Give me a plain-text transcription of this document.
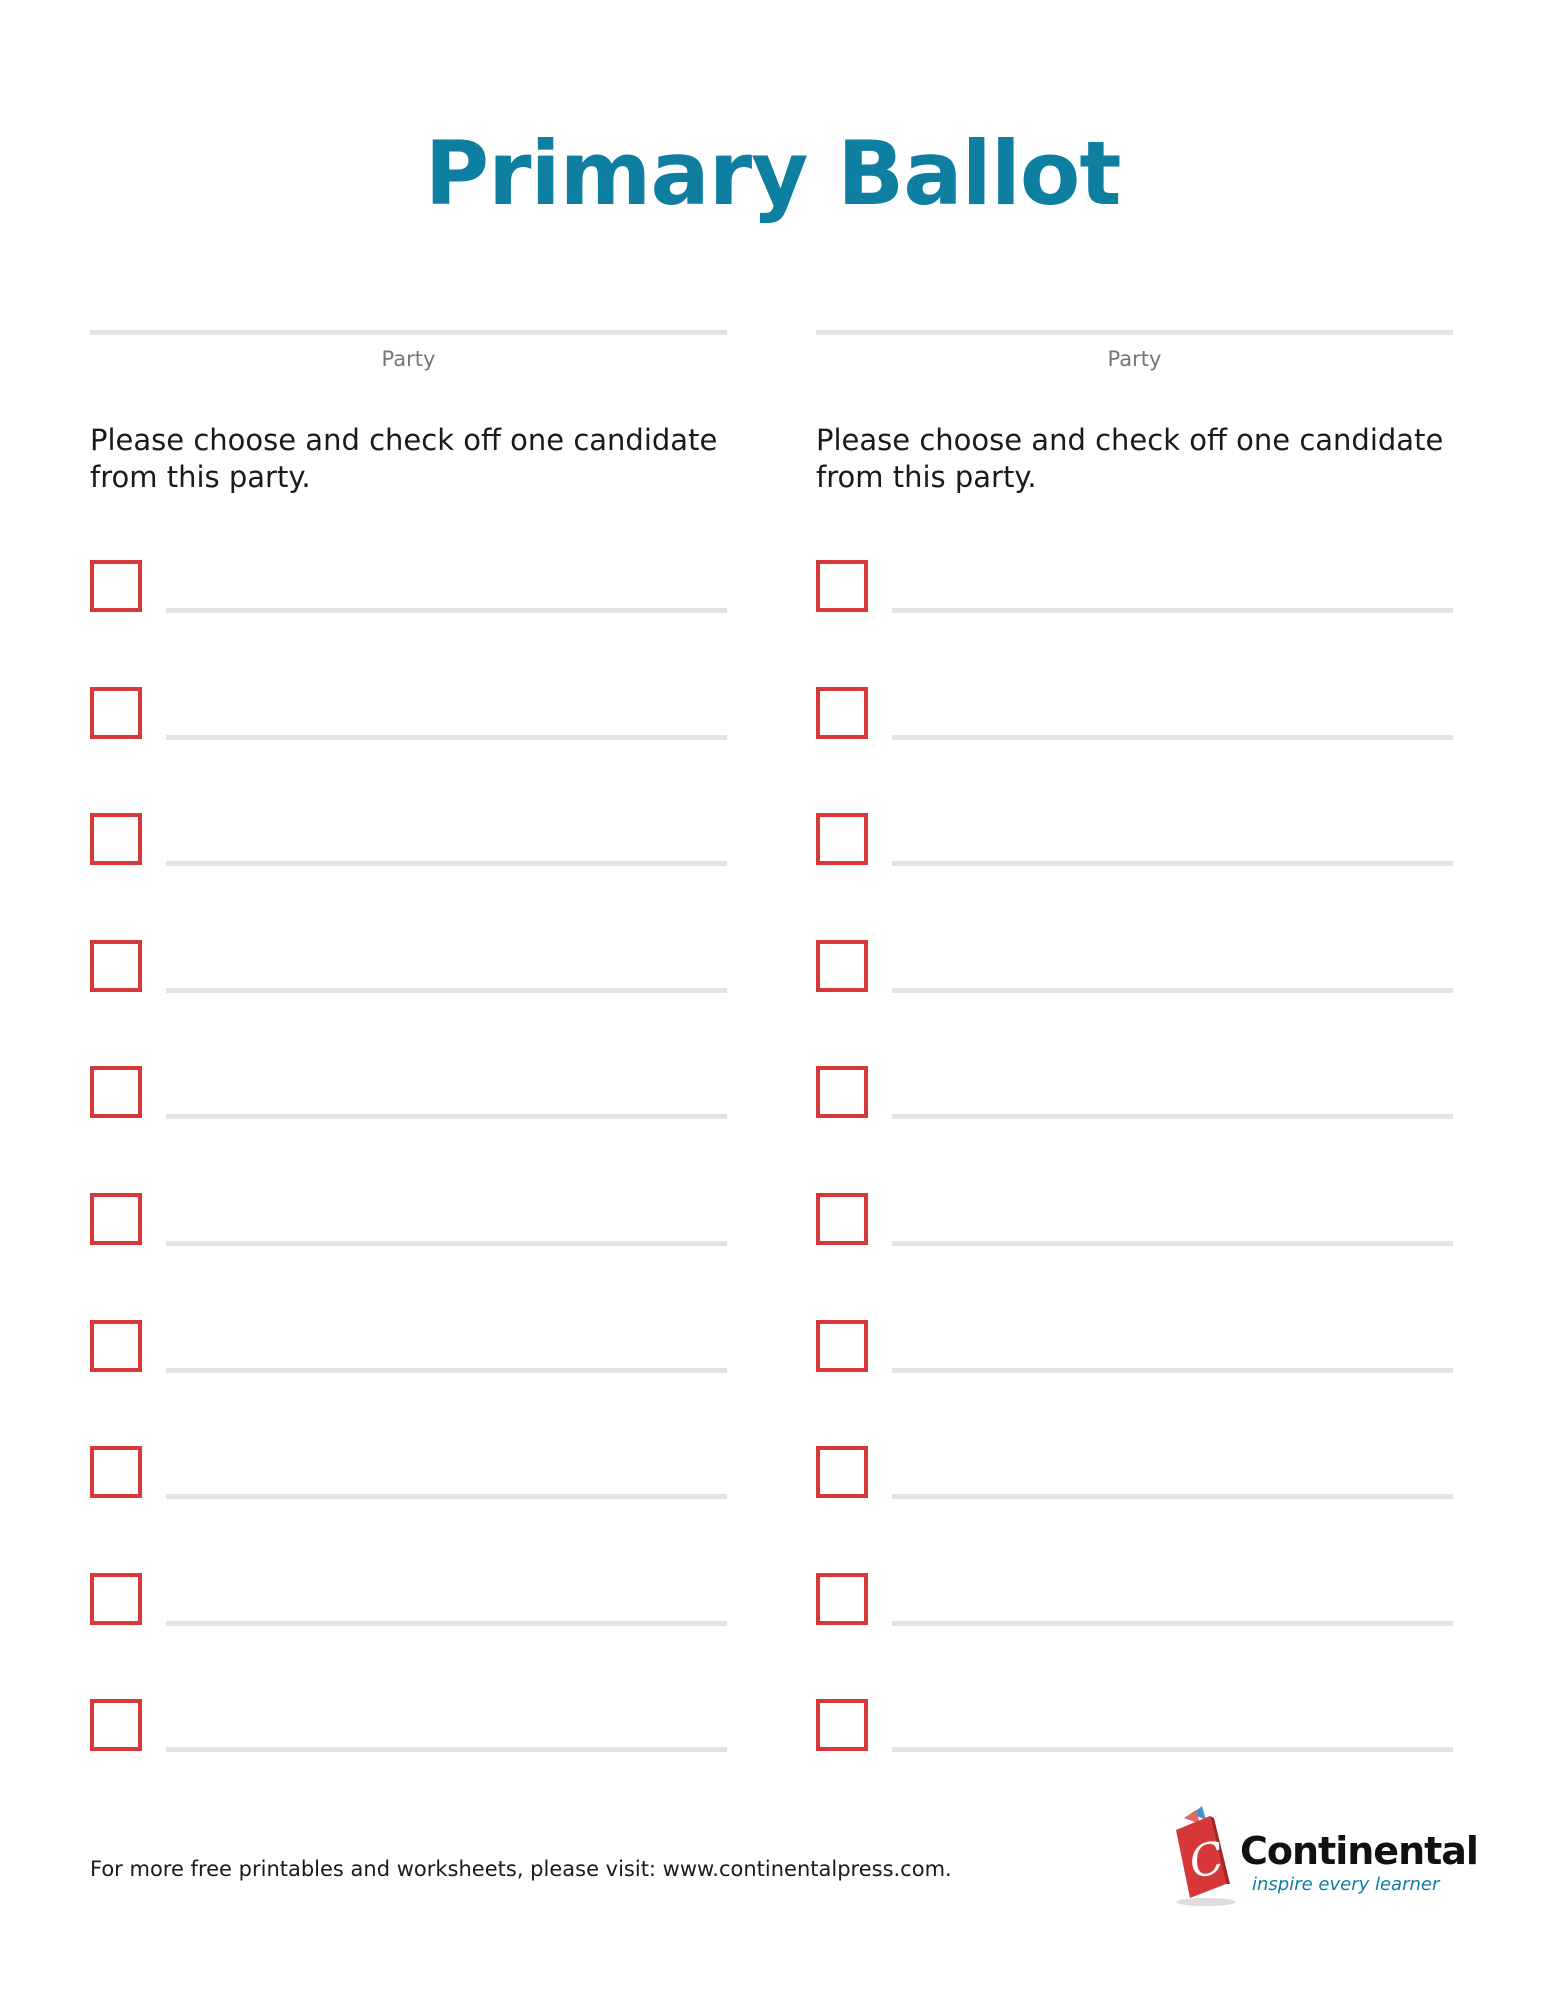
Primary Ballot
Party
Please choose and check off one candidate from this party.
Party
Please choose and check off one candidate from this party.
For more free printables and worksheets, please visit: www.continentalpress.com.	C Continental
inspire every learner
